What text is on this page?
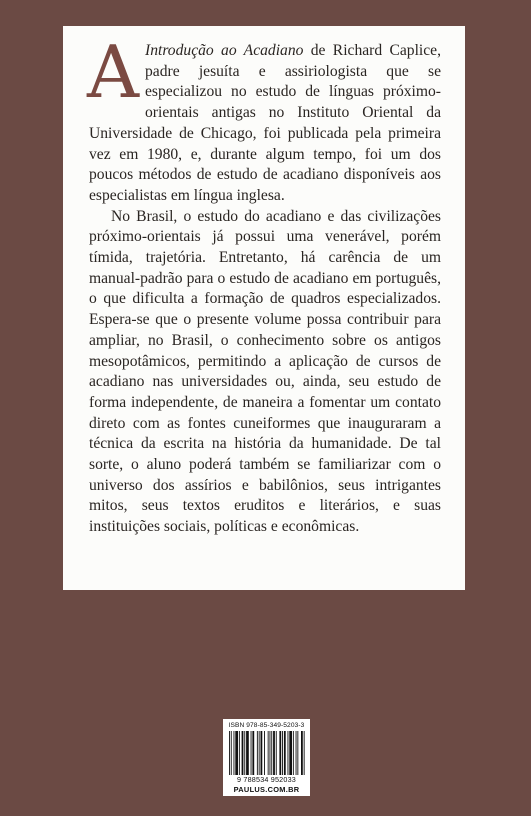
A Introdução ao Acadiano de Richard Caplice, padre jesuíta e assiriologista que se especializou no estudo de línguas próximo-orientais antigas no Instituto Oriental da Universidade de Chicago, foi publicada pela primeira vez em 1980, e, durante algum tempo, foi um dos poucos métodos de estudo de acadiano disponíveis aos especialistas em língua inglesa.

No Brasil, o estudo do acadiano e das civilizações próximo-orientais já possui uma venerável, porém tímida, trajetória. Entretanto, há carência de um manual-padrão para o estudo de acadiano em português, o que dificulta a formação de quadros especializados. Espera-se que o presente volume possa contribuir para ampliar, no Brasil, o conhecimento sobre os antigos mesopotâmicos, permitindo a aplicação de cursos de acadiano nas universidades ou, ainda, seu estudo de forma independente, de maneira a fomentar um contato direto com as fontes cuneiformes que inauguraram a técnica da escrita na história da humanidade. De tal sorte, o aluno poderá também se familiarizar com o universo dos assírios e babilônios, seus intrigantes mitos, seus textos eruditos e literários, e suas instituições sociais, políticas e econômicas.

ISBN 978-85-349-5203-3
9 788534 952033
PAULUS.COM.BR
